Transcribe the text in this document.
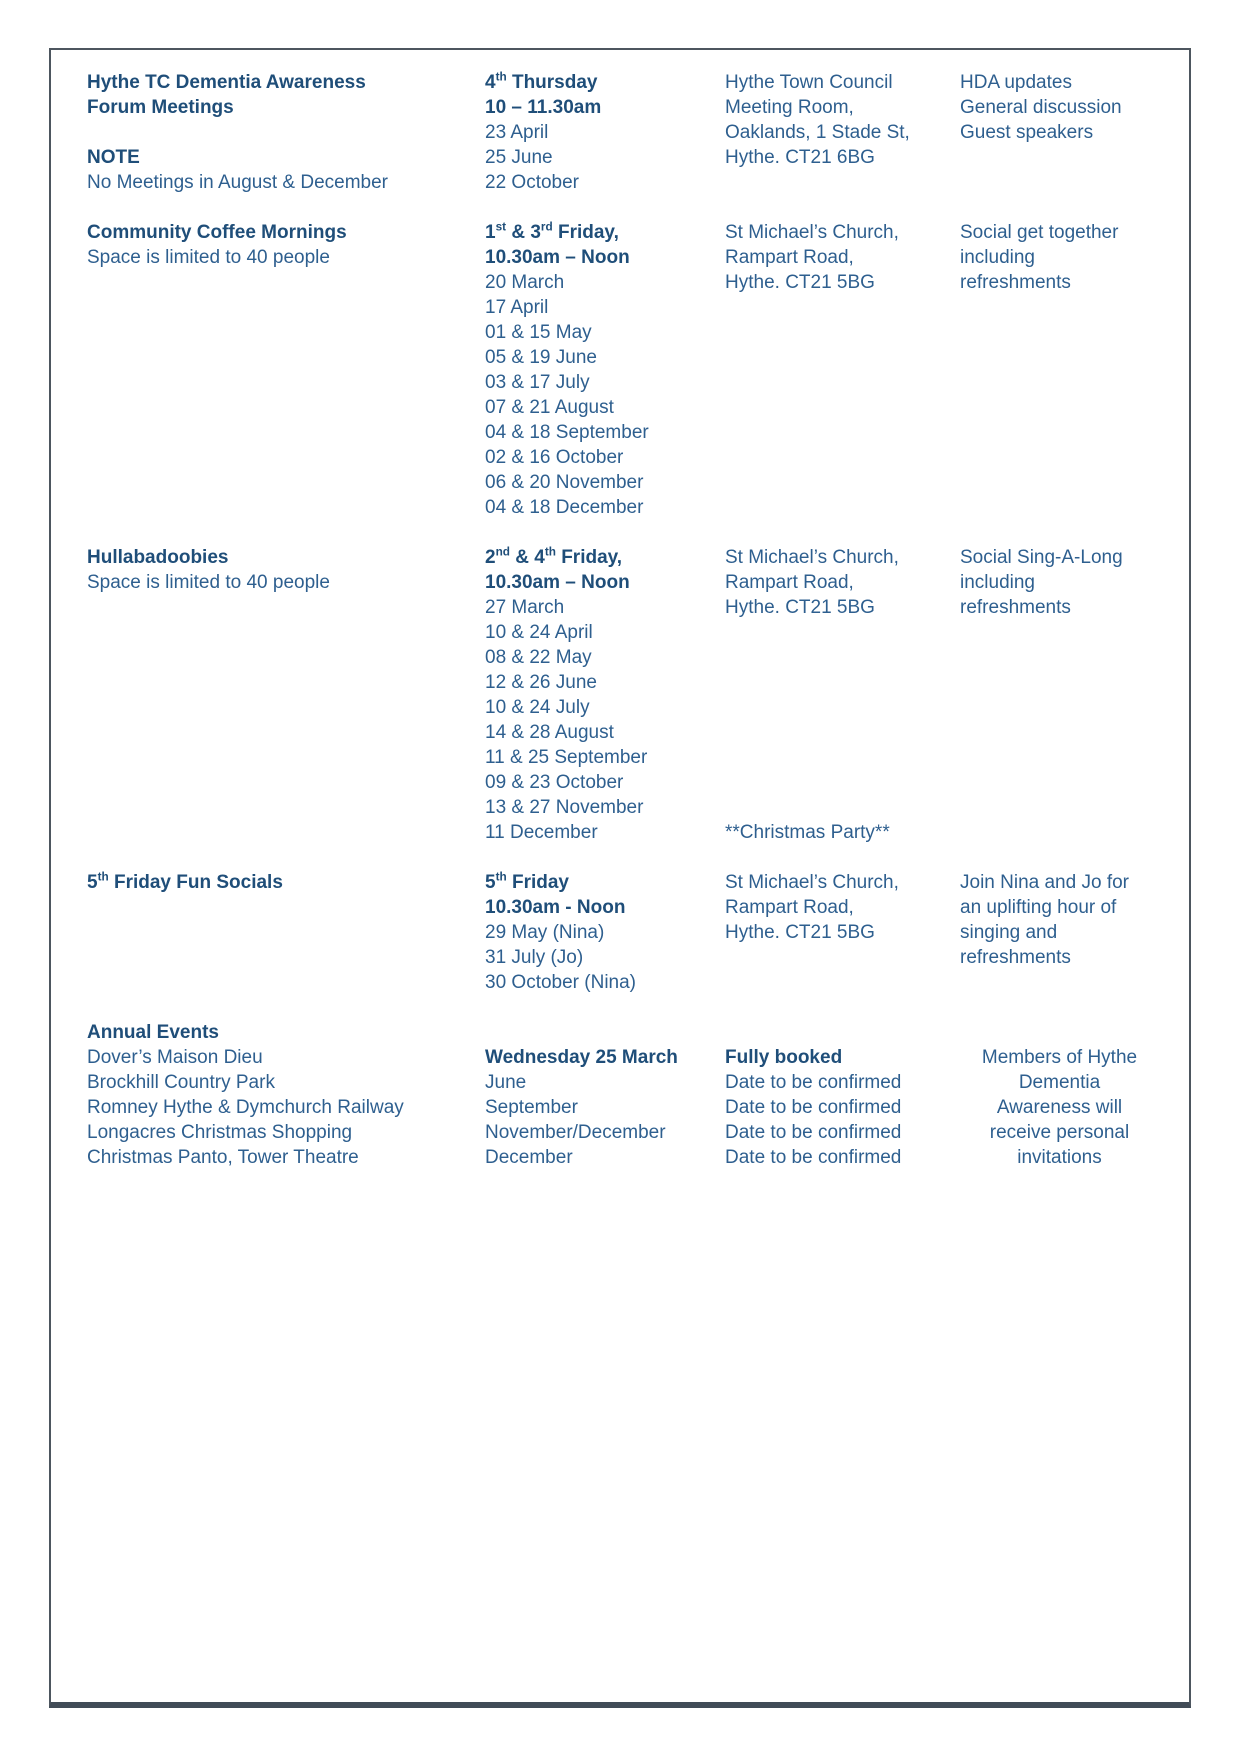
Hythe TC Dementia Awareness
Forum Meetings

NOTE
No Meetings in August & December
4th Thursday
10 – 11.30am
23 April
25 June
22 October
Hythe Town Council
Meeting Room,
Oaklands, 1 Stade St,
Hythe. CT21 6BG
HDA updates
General discussion
Guest speakers
Community Coffee Mornings
Space is limited to 40 people
1st & 3rd Friday,
10.30am – Noon
20 March
17 April
01 & 15 May
05 & 19 June
03 & 17 July
07 & 21 August
04 & 18 September
02 & 16 October
06 & 20 November
04 & 18 December
St Michael’s Church,
Rampart Road,
Hythe. CT21 5BG
Social get together
including
refreshments
Hullabadoobies
Space is limited to 40 people
2nd & 4th Friday,
10.30am – Noon
27 March
10 & 24 April
08 & 22 May
12 & 26 June
10 & 24 July
14 & 28 August
11 & 25 September
09 & 23 October
13 & 27 November
11 December
St Michael’s Church,
Rampart Road,
Hythe. CT21 5BG
**Christmas Party**
Social Sing-A-Long
including
refreshments
5th Friday Fun Socials	5th Friday
10.30am - Noon
29 May (Nina)
31 July (Jo)
30 October (Nina)
St Michael’s Church,
Rampart Road,
Hythe. CT21 5BG
Join Nina and Jo for
an uplifting hour of
singing and
refreshments
Annual Events
Dover’s Maison Dieu
Brockhill Country Park
Romney Hythe & Dymchurch Railway
Longacres Christmas Shopping
Christmas Panto, Tower Theatre

Wednesday 25 March
June
September
November/December
December

Fully booked
Date to be confirmed
Date to be confirmed
Date to be confirmed
Date to be confirmed

Members of Hythe
Dementia
Awareness will
receive personal
invitations
